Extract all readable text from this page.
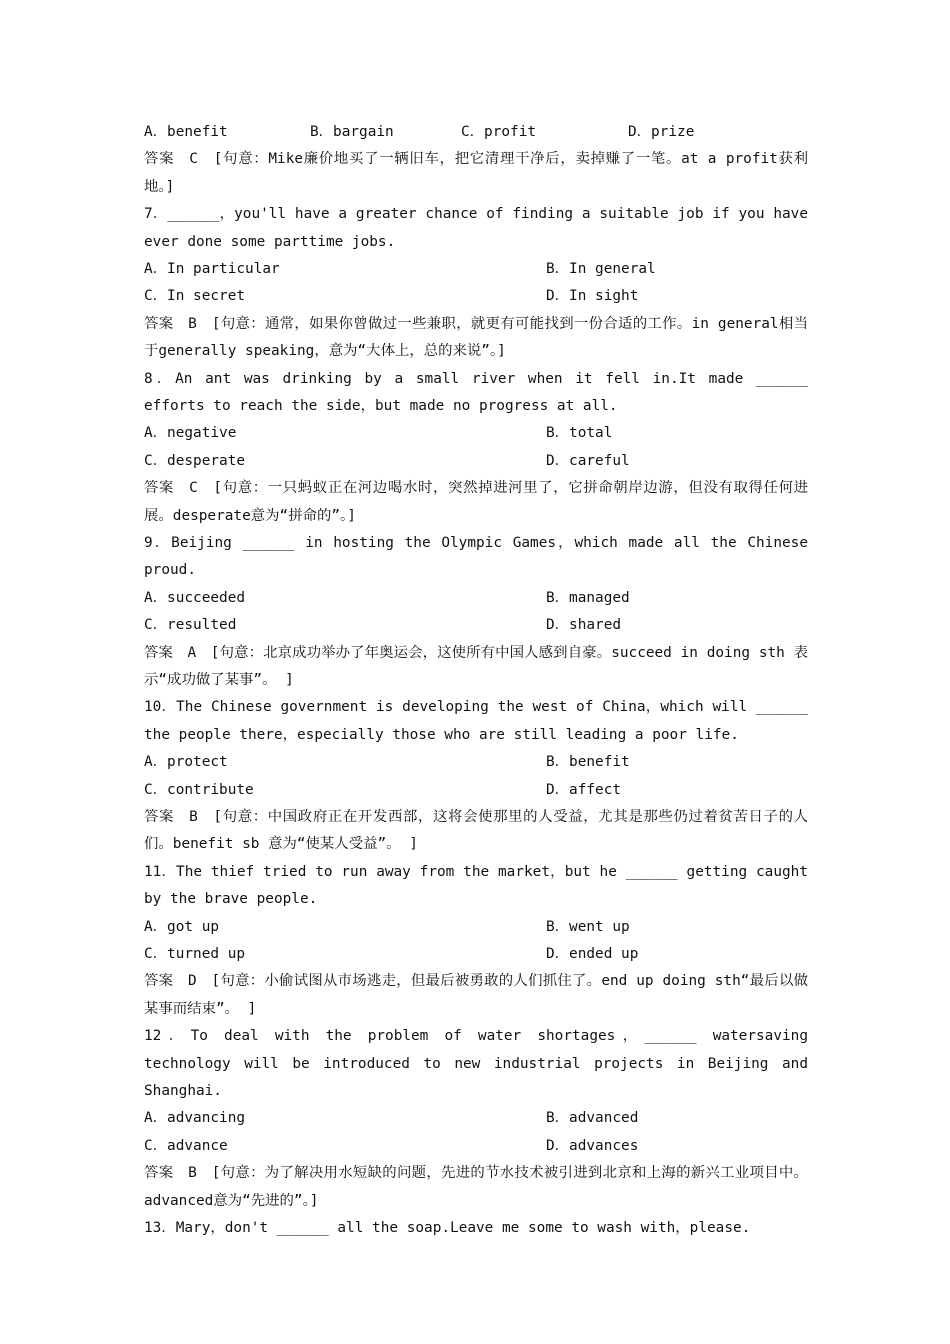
A．benefit	B．bargain	C．profit	D．prize
答案　C　[句意：Mike廉价地买了一辆旧车，把它清理干净后，卖掉赚了一笔。at a profit获利地。]
7．______，you'll have a greater chance of finding a suitable job if you have ever done some parttime jobs.
A．In particular	B．In general
C．In secret	D．In sight
答案　B　[句意：通常，如果你曾做过一些兼职，就更有可能找到一份合适的工作。in general相当于generally speaking，意为“大体上，总的来说”。]
8．An ant was drinking by a small river when it fell in.It made ______ efforts to reach the side，but made no progress at all.
A．negative	B．total
C．desperate	D．careful
答案　C　[句意：一只蚂蚁正在河边喝水时，突然掉进河里了，它拼命朝岸边游，但没有取得任何进展。desperate意为“拼命的”。]
9．Beijing ______ in hosting the Olympic Games，which made all the Chinese proud.
A．succeeded	B．managed
C．resulted	D．shared
答案　A　[句意：北京成功举办了年奥运会，这使所有中国人感到自豪。succeed in doing sth 表示“成功做了某事”。 ]
10．The Chinese government is developing the west of China，which will ______ the people there，especially those who are still leading a poor life.
A．protect	B．benefit
C．contribute	D．affect
答案　B　[句意：中国政府正在开发西部，这将会使那里的人受益，尤其是那些仍过着贫苦日子的人们。benefit sb 意为“使某人受益”。 ]
11．The thief tried to run away from the market，but he ______ getting caught by the brave people.
A．got up	B．went up
C．turned up	D．ended up
答案　D　[句意：小偷试图从市场逃走，但最后被勇敢的人们抓住了。end up doing sth“最后以做某事而结束”。 ]
12．To deal with the problem of water shortages，______ watersaving technology will be introduced to new industrial projects in Beijing and Shanghai.
A．advancing	B．advanced
C．advance	D．advances
答案　B　[句意：为了解决用水短缺的问题，先进的节水技术被引进到北京和上海的新兴工业项目中。advanced意为“先进的”。]
13．Mary，don't ______ all the soap.Leave me some to wash with，please.
